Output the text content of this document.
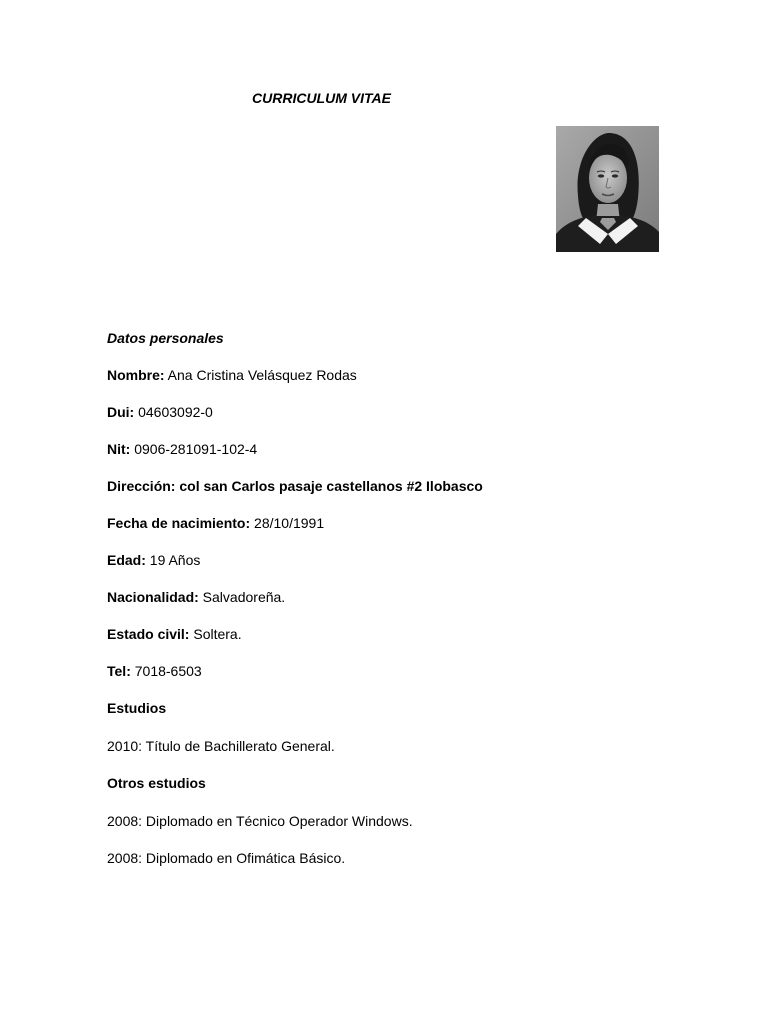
CURRICULUM VITAE
Datos personales
Nombre: Ana Cristina Velásquez Rodas
Dui: 04603092-0
Nit: 0906-281091-102-4
Dirección: col san Carlos pasaje castellanos #2 Ilobasco
Fecha de nacimiento: 28/10/1991
Edad: 19 Años
Nacionalidad: Salvadoreña.
Estado civil: Soltera.
Tel: 7018-6503
Estudios
2010: Título de Bachillerato General.
Otros estudios
2008: Diplomado en Técnico Operador Windows.
2008: Diplomado en Ofimática Básico.
